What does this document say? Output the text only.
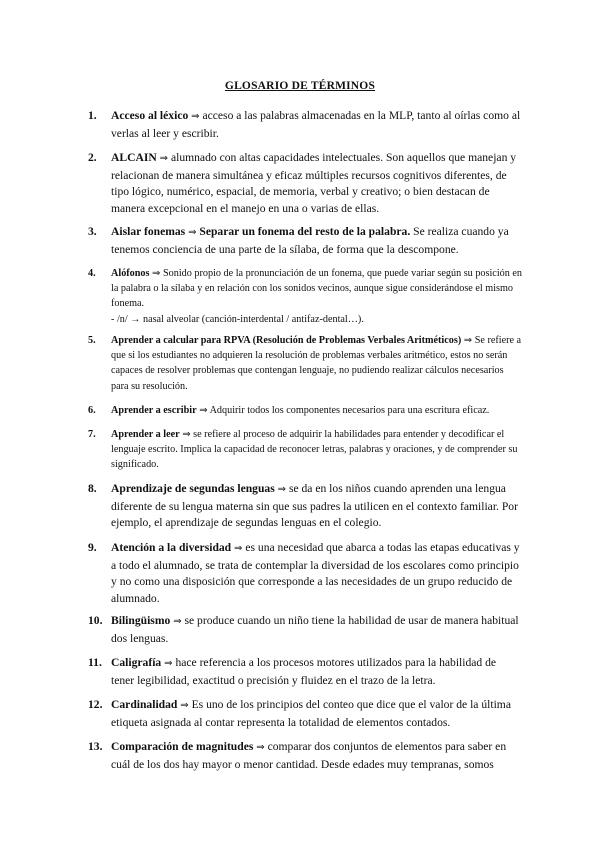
GLOSARIO DE TÉRMINOS
1.	Acceso al léxico ⇒ acceso a las palabras almacenadas en la MLP, tanto al oírlas como al verlas al leer y escribir.
2.	ALCAIN ⇒ alumnado con altas capacidades intelectuales. Son aquellos que manejan y relacionan de manera simultánea y eficaz múltiples recursos cognitivos diferentes, de tipo lógico, numérico, espacial, de memoria, verbal y creativo; o bien destacan de manera excepcional en el manejo en una o varias de ellas.
3.	Aislar fonemas ⇒ Separar un fonema del resto de la palabra. Se realiza cuando ya tenemos conciencia de una parte de la sílaba, de forma que la descompone.
4.	Alófonos ⇒ Sonido propio de la pronunciación de un fonema, que puede variar según su posición en la palabra o la sílaba y en relación con los sonidos vecinos, aunque sigue considerándose el mismo fonema.
- /n/ → nasal alveolar (canción-interdental / antifaz-dental…).
5.	Aprender a calcular para RPVA (Resolución de Problemas Verbales Aritméticos) ⇒ Se refiere a que si los estudiantes no adquieren la resolución de problemas verbales aritmético, estos no serán capaces de resolver problemas que contengan lenguaje, no pudiendo realizar cálculos necesarios para su resolución.
6.	Aprender a escribir ⇒ Adquirir todos los componentes necesarios para una escritura eficaz.
7.	Aprender a leer ⇒ se refiere al proceso de adquirir la habilidades para entender y decodificar el lenguaje escrito. Implica la capacidad de reconocer letras, palabras y oraciones, y de comprender su significado.
8.	Aprendizaje de segundas lenguas ⇒ se da en los niños cuando aprenden una lengua diferente de su lengua materna sin que sus padres la utilicen en el contexto familiar. Por ejemplo, el aprendizaje de segundas lenguas en el colegio.
9.	Atención a la diversidad ⇒ es una necesidad que abarca a todas las etapas educativas y a todo el alumnado, se trata de contemplar la diversidad de los escolares como principio y no como una disposición que corresponde a las necesidades de un grupo reducido de alumnado.
10. Bilingüismo ⇒ se produce cuando un niño tiene la habilidad de usar de manera habitual dos lenguas.
11. Caligrafía ⇒ hace referencia a los procesos motores utilizados para la habilidad de tener legibilidad, exactitud o precisión y fluidez en el trazo de la letra.
12. Cardinalidad ⇒ Es uno de los principios del conteo que dice que el valor de la última etiqueta asignada al contar representa la totalidad de elementos contados.
13. Comparación de magnitudes ⇒ comparar dos conjuntos de elementos para saber en cuál de los dos hay mayor o menor cantidad. Desde edades muy tempranas, somos
